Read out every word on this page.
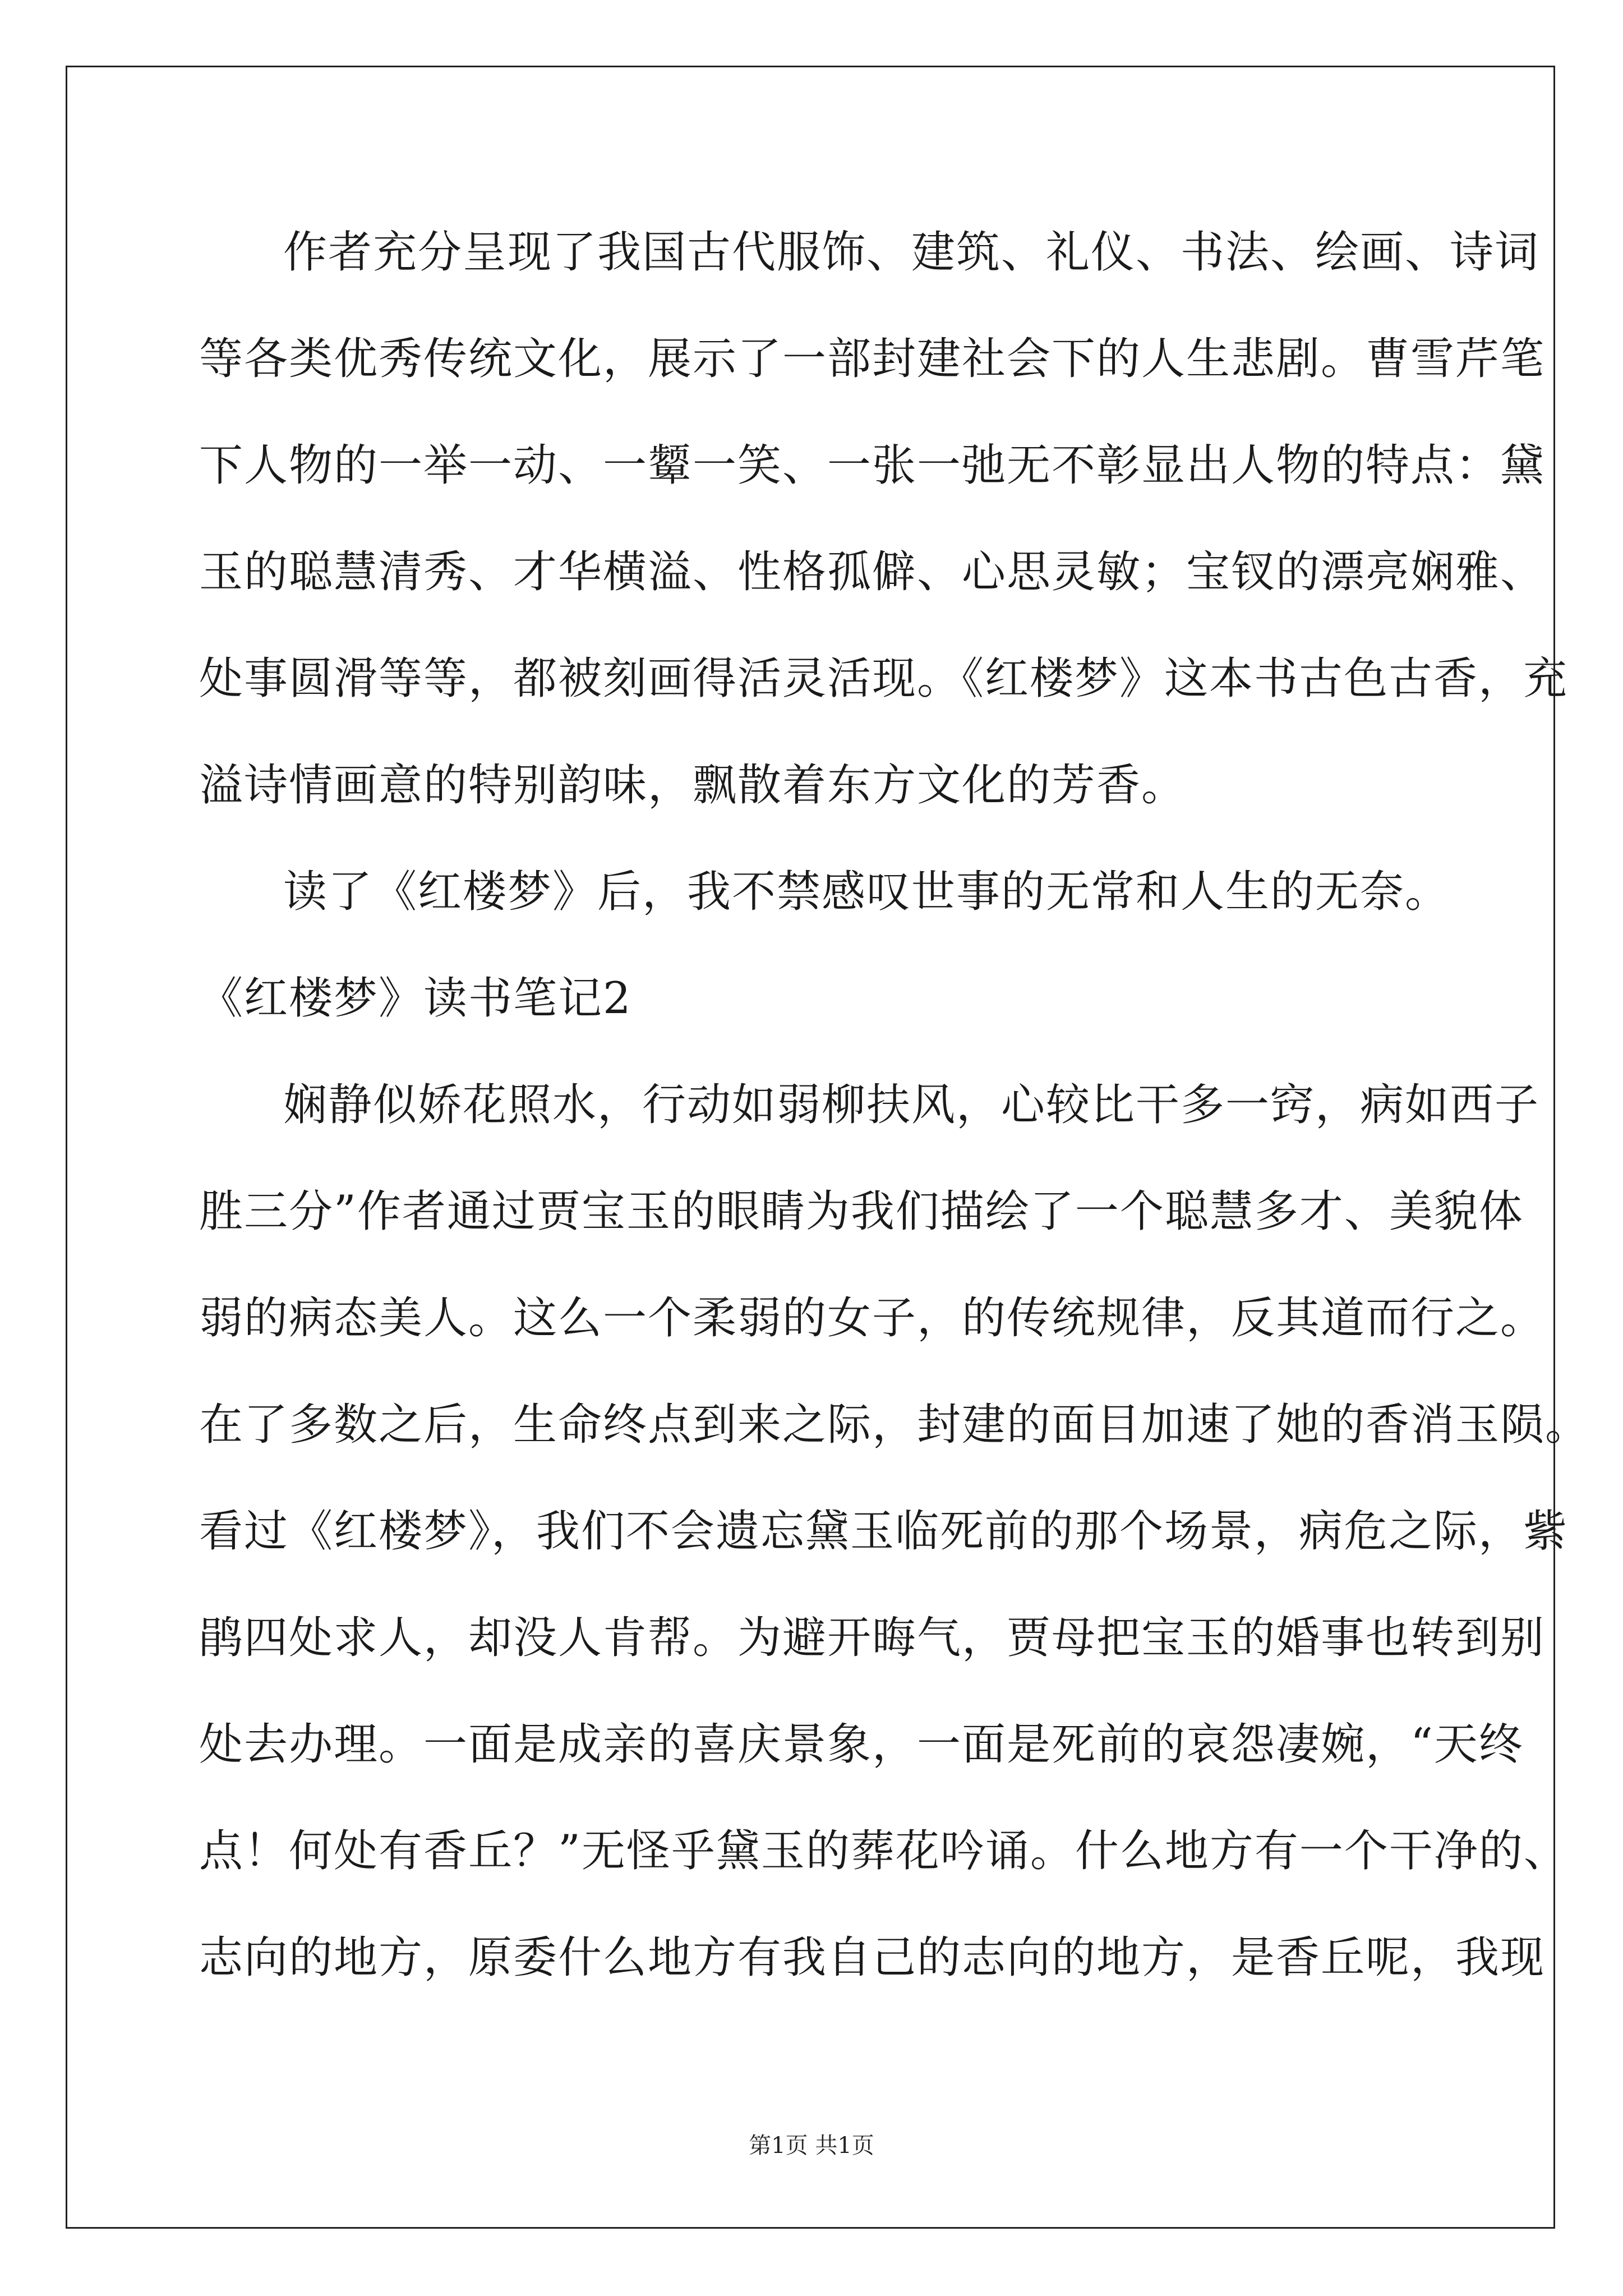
作者充分呈现了我国古代服饰、建筑、礼仪、书法、绘画、诗词
等各类优秀传统文化，展示了一部封建社会下的人生悲剧。曹雪芹笔
下人物的一举一动、一颦一笑、一张一弛无不彰显出人物的特点：黛
玉的聪慧清秀、才华横溢、性格孤僻、心思灵敏；宝钗的漂亮娴雅、
处事圆滑等等，都被刻画得活灵活现。《红楼梦》这本书古色古香，充
溢诗情画意的特别韵味，飘散着东方文化的芳香。
读了《红楼梦》后，我不禁感叹世事的无常和人生的无奈。
《红楼梦》读书笔记2
娴静似娇花照水，行动如弱柳扶风，心较比干多一窍，病如西子
胜三分”作者通过贾宝玉的眼睛为我们描绘了一个聪慧多才、美貌体
弱的病态美人。这么一个柔弱的女子，的传统规律，反其道而行之。
在了多数之后，生命终点到来之际，封建的面目加速了她的香消玉陨。
看过《红楼梦》，我们不会遗忘黛玉临死前的那个场景，病危之际，紫
鹃四处求人，却没人肯帮。为避开晦气，贾母把宝玉的婚事也转到别
处去办理。一面是成亲的喜庆景象，一面是死前的哀怨凄婉，“天终
点！何处有香丘？”无怪乎黛玉的葬花吟诵。什么地方有一个干净的、
志向的地方，原委什么地方有我自己的志向的地方，是香丘呢，我现
第1页 共1页
